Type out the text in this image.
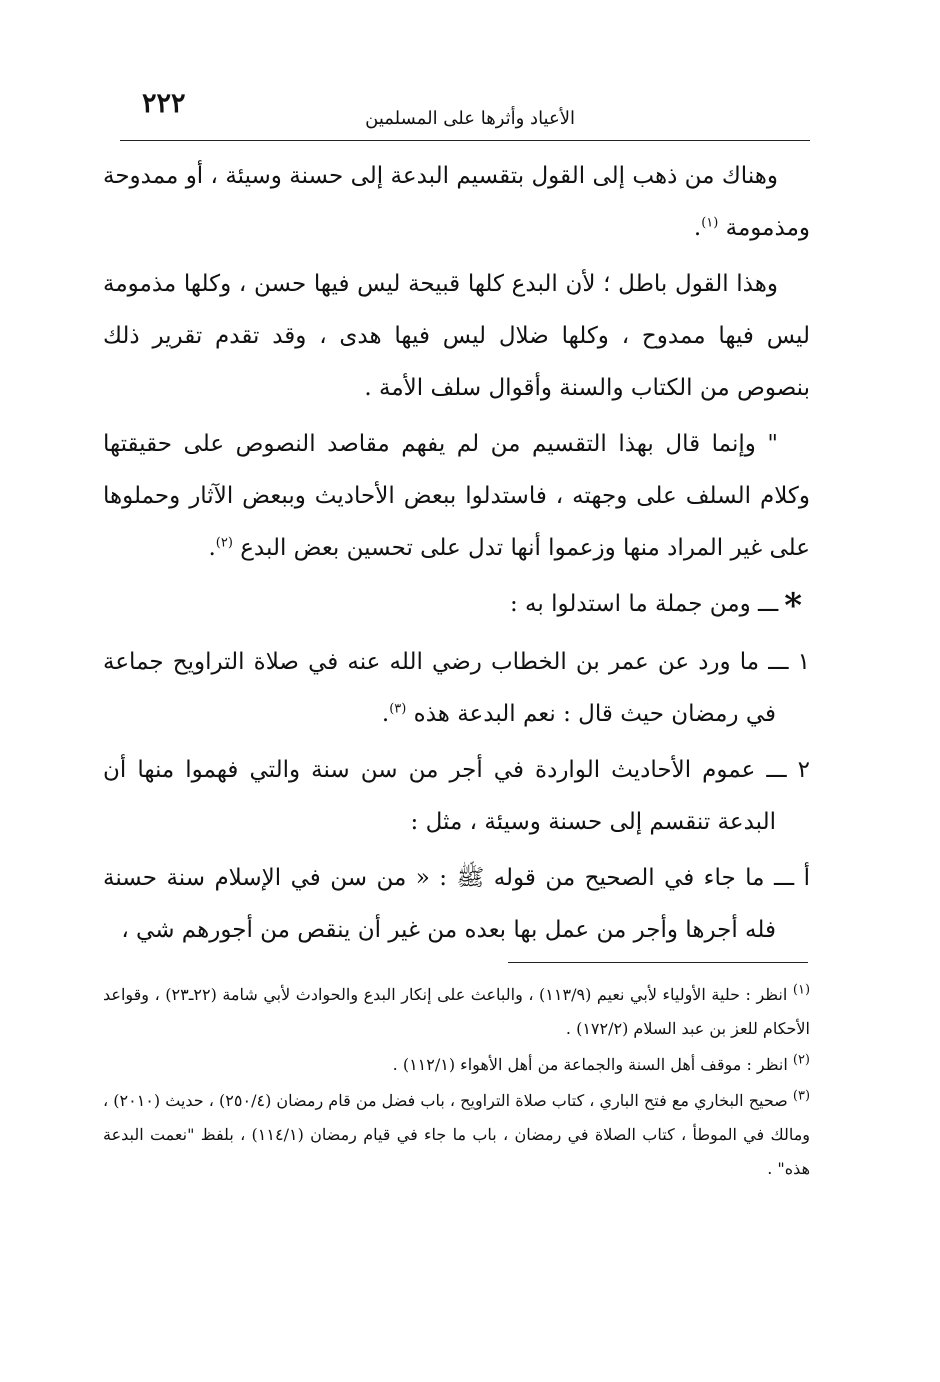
٢٢٢	الأعياد وأثرها على المسلمين

وهناك من ذهب إلى القول بتقسيم البدعة إلى حسنة وسيئة ، أو ممدوحة ومذمومة $^{(١)}$.

وهذا القول باطل ؛ لأن البدع كلها قبيحة ليس فيها حسن ، وكلها مذمومة ليس فيها ممدوح ، وكلها ضلال ليس فيها هدى ، وقد تقدم تقرير ذلك بنصوص من الكتاب والسنة وأقوال سلف الأمة .

" وإنما قال بهذا التقسيم من لم يفهم مقاصد النصوص على حقيقتها وكلام السلف على وجهته ، فاستدلوا ببعض الأحاديث وببعض الآثار وحملوها على غير المراد منها وزعموا أنها تدل على تحسين بعض البدع $^{(٢)}$.

*ـــ ومن جملة ما استدلوا به :

١ ـــ ما ورد عن عمر بن الخطاب رضي الله عنه في صلاة التراويح جماعة في رمضان حيث قال : نعم البدعة هذه $^{(٣)}$.

٢ ـــ عموم الأحاديث الواردة في أجر من سن سنة والتي فهموا منها أن البدعة تنقسم إلى حسنة وسيئة ، مثل :

أ ـــ ما جاء في الصحيح من قوله ﷺ : « من سن في الإسلام سنة حسنة فله أجرها وأجر من عمل بها بعده من غير أن ينقص من أجورهم شي ،

$^{(١)}$ انظر : حلية الأولياء لأبي نعيم (١١٣/٩) ، والباعث على إنكار البدع والحوادث لأبي شامة (٢٢ـ٢٣) ، وقواعد الأحكام للعز بن عبد السلام (١٧٢/٢) .

$^{(٢)}$ انظر : موقف أهل السنة والجماعة من أهل الأهواء (١١٢/١) .

$^{(٣)}$ صحيح البخاري مع فتح الباري ، كتاب صلاة التراويح ، باب فضل من قام رمضان (٢٥٠/٤) ، حديث (٢٠١٠) ، ومالك في الموطأ ، كتاب الصلاة في رمضان ، باب ما جاء في قيام رمضان (١١٤/١) ، بلفظ "نعمت البدعة هذه" .
